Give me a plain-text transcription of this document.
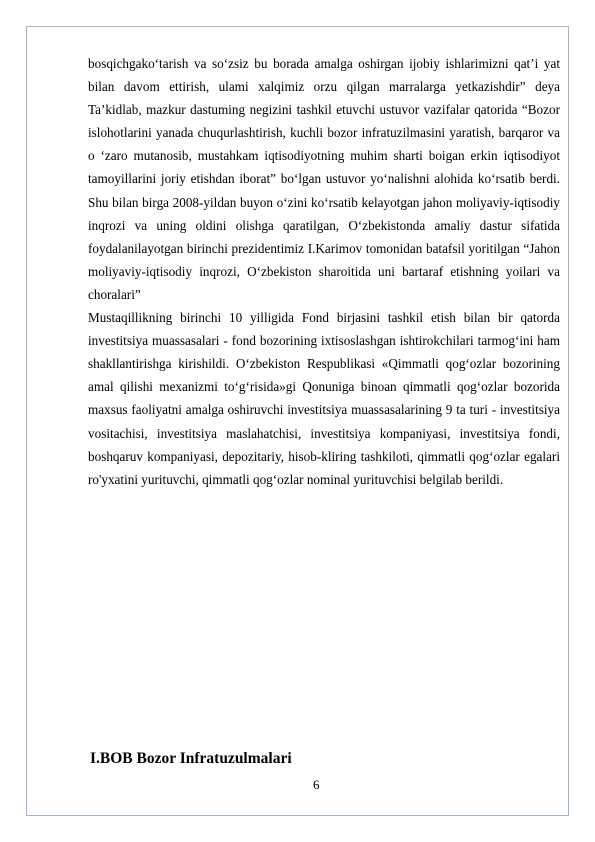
bosqichgako‘tarish va so‘zsiz bu borada amalga oshirgan ijobiy ishlarimizni qat’i yat bilan davom ettirish, ulami xalqimiz orzu qilgan marralarga yetkazishdir” deya Ta’kidlab, mazkur dastuming negizini tashkil etuvchi ustuvor vazifalar qatorida “Bozor islohotlarini yanada chuqurlashtirish, kuchli bozor infratuzilmasini yaratish, barqaror va o ‘zaro mutanosib, mustahkam iqtisodiyotning muhim sharti boigan erkin iqtisodiyot tamoyillarini joriy etishdan iborat” bo‘lgan ustuvor yo‘nalishni alohida ko‘rsatib berdi. Shu bilan birga 2008-yildan buyon o‘zini ko‘rsatib kelayotgan jahon moliyaviy-iqtisodiy inqrozi va uning oldini olishga qaratilgan, O‘zbekistonda amaliy dastur sifatida foydalanilayotgan birinchi prezidentimiz I.Karimov tomonidan batafsil yoritilgan “Jahon moliyaviy-iqtisodiy inqrozi, O‘zbekiston sharoitida uni bartaraf etishning yoilari va choralari”

Mustaqillikning birinchi 10 yilligida Fond birjasini tashkil etish bilan bir qatorda investitsiya muassasalari - fond bozorining ixtisoslashgan ishtirokchilari tarmog‘ini ham shakllantirishga kirishildi. O‘zbekiston Respublikasi «Qimmatli qog‘ozlar bozorining amal qilishi mexanizmi to‘g‘risida»gi Qonuniga binoan qimmatli qog‘ozlar bozorida maxsus faoliyatni amalga oshiruvchi investitsiya muassasalarining 9 ta turi - investitsiya vositachisi, investitsiya maslahatchisi, investitsiya kompaniyasi, investitsiya fondi, boshqaruv kompaniyasi, depozitariy, hisob-kliring tashkiloti, qimmatli qog‘ozlar egalari ro'yxatini yurituvchi, qimmatli qog‘ozlar nominal yurituvchisi belgilab berildi.

I.BOB Bozor Infratuzulmalari
6
